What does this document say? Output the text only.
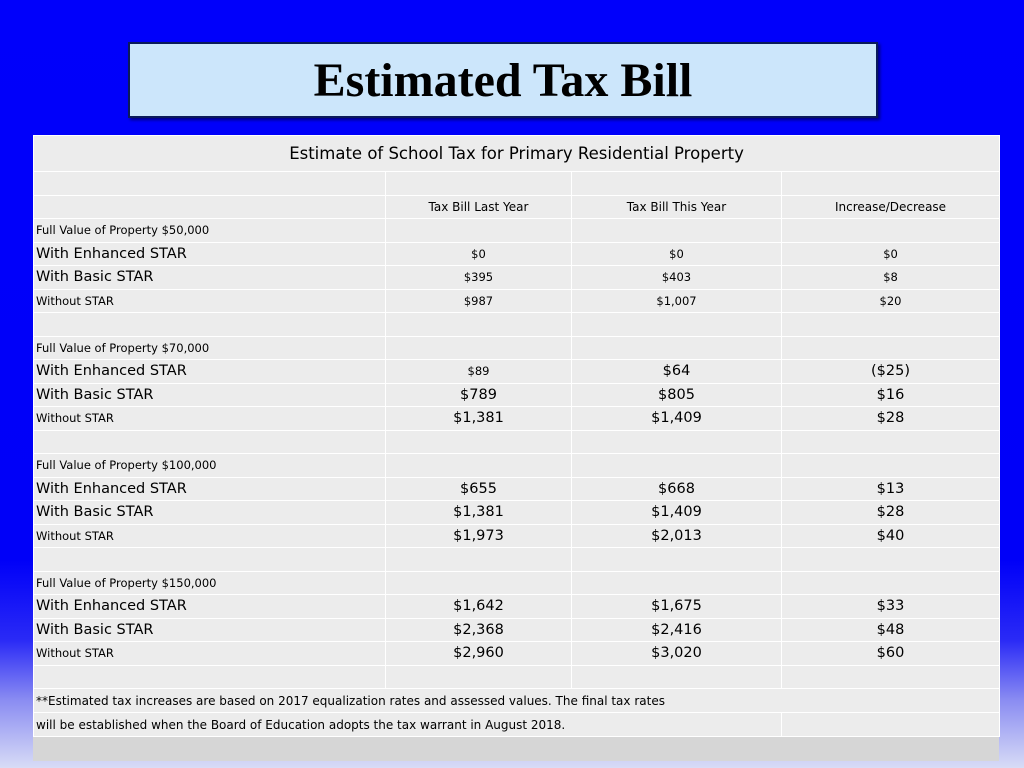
Estimated Tax Bill
Estimate of School Tax for Primary Residential Property			

	Tax Bill Last Year	Tax Bill This Year	Increase/Decrease
Full Value of Property $50,000			
With Enhanced STAR	$0	$0	$0
With Basic STAR	$395	$403	$8
Without STAR	$987	$1,007	$20

Full Value of Property $70,000			
With Enhanced STAR	$89	$64	($25)
With Basic STAR	$789	$805	$16
Without STAR	$1,381	$1,409	$28

Full Value of Property $100,000			
With Enhanced STAR	$655	$668	$13
With Basic STAR	$1,381	$1,409	$28
Without STAR	$1,973	$2,013	$40

Full Value of Property $150,000			
With Enhanced STAR	$1,642	$1,675	$33
With Basic STAR	$2,368	$2,416	$48
Without STAR	$2,960	$3,020	$60

**Estimated tax increases are based on 2017 equalization rates and assessed values. The final tax rates			
will be established when the Board of Education adopts the tax warrant in August 2018.			
